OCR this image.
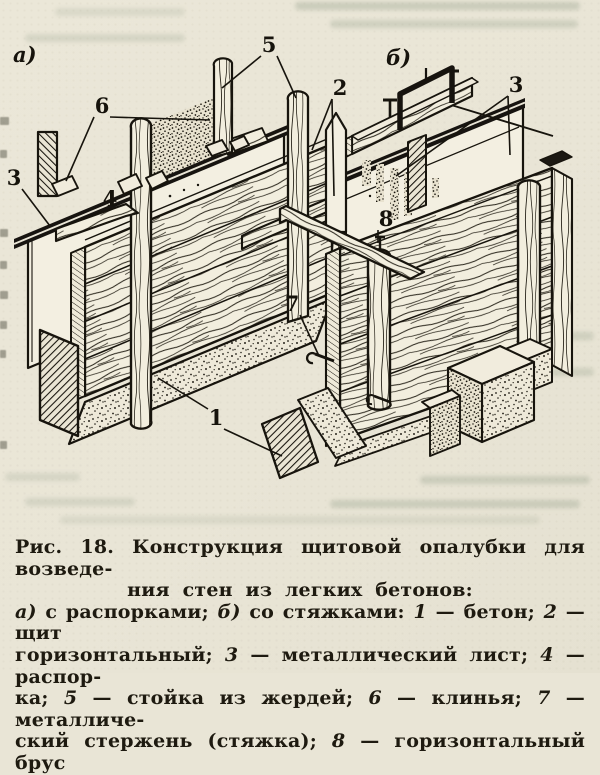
5
6
3
4
2	3
8
7
1
а)	б)
Рис. 18. Конструкция щитовой опалубки для возведе-
ния стен из легких бетонов:
а) с распорками; б) со стяжками: 1 — бетон; 2 — щит
горизонтальный; 3 — металлический лист; 4 — распор-
ка; 5 — стойка из жердей; 6 — клинья; 7 — металличе-
ский стержень (стяжка); 8 — горизонтальный брус
